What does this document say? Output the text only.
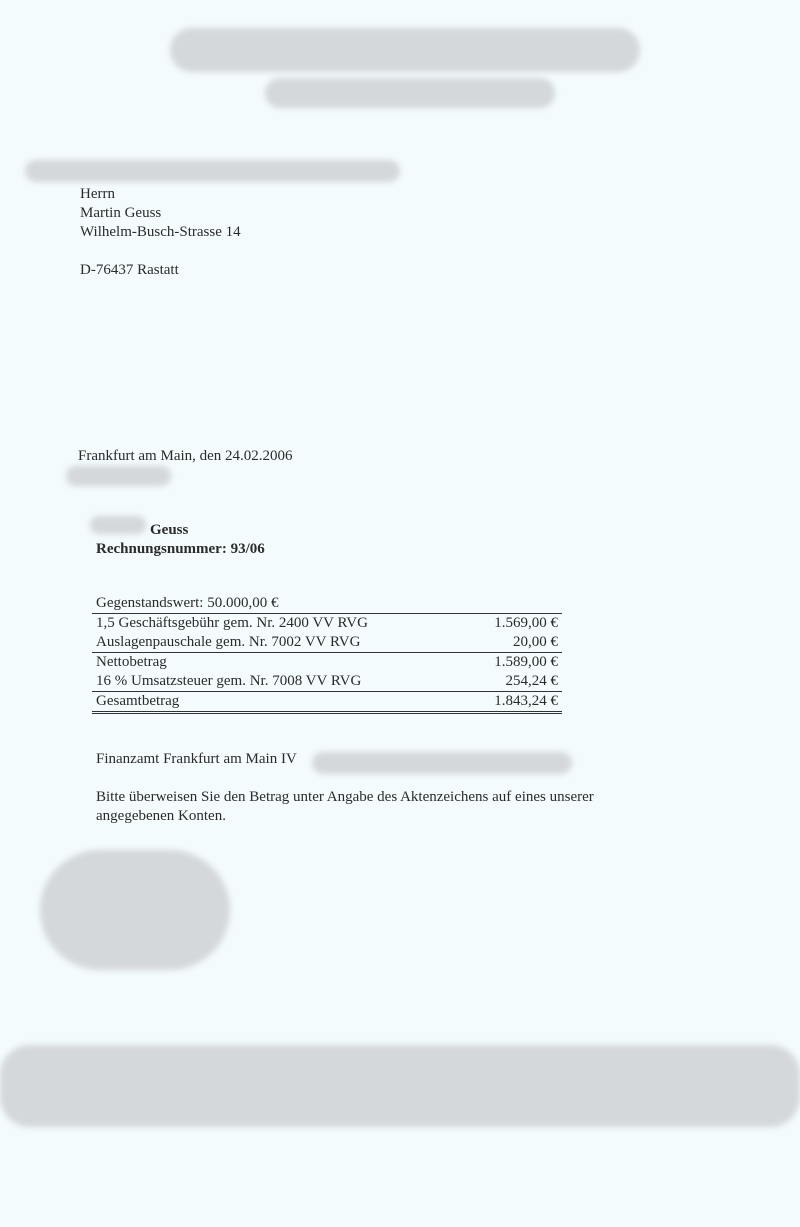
Herrn
Martin Geuss
Wilhelm-Busch-Strasse 14
D-76437 Rastatt
Frankfurt am Main, den 24.02.2006
Geuss
Rechnungsnummer: 93/06
Gegenstandswert: 50.000,00 €
1,5 Geschäftsgebühr gem. Nr. 2400 VV RVG	1.569,00 €
Auslagenpauschale gem. Nr. 7002 VV RVG	20,00 €
Nettobetrag	1.589,00 €
16 % Umsatzsteuer gem. Nr. 7008 VV RVG	254,24 €
Gesamtbetrag	1.843,24 €
Finanzamt Frankfurt am Main IV
Bitte überweisen Sie den Betrag unter Angabe des Aktenzeichens auf eines unserer
angegebenen Konten.
